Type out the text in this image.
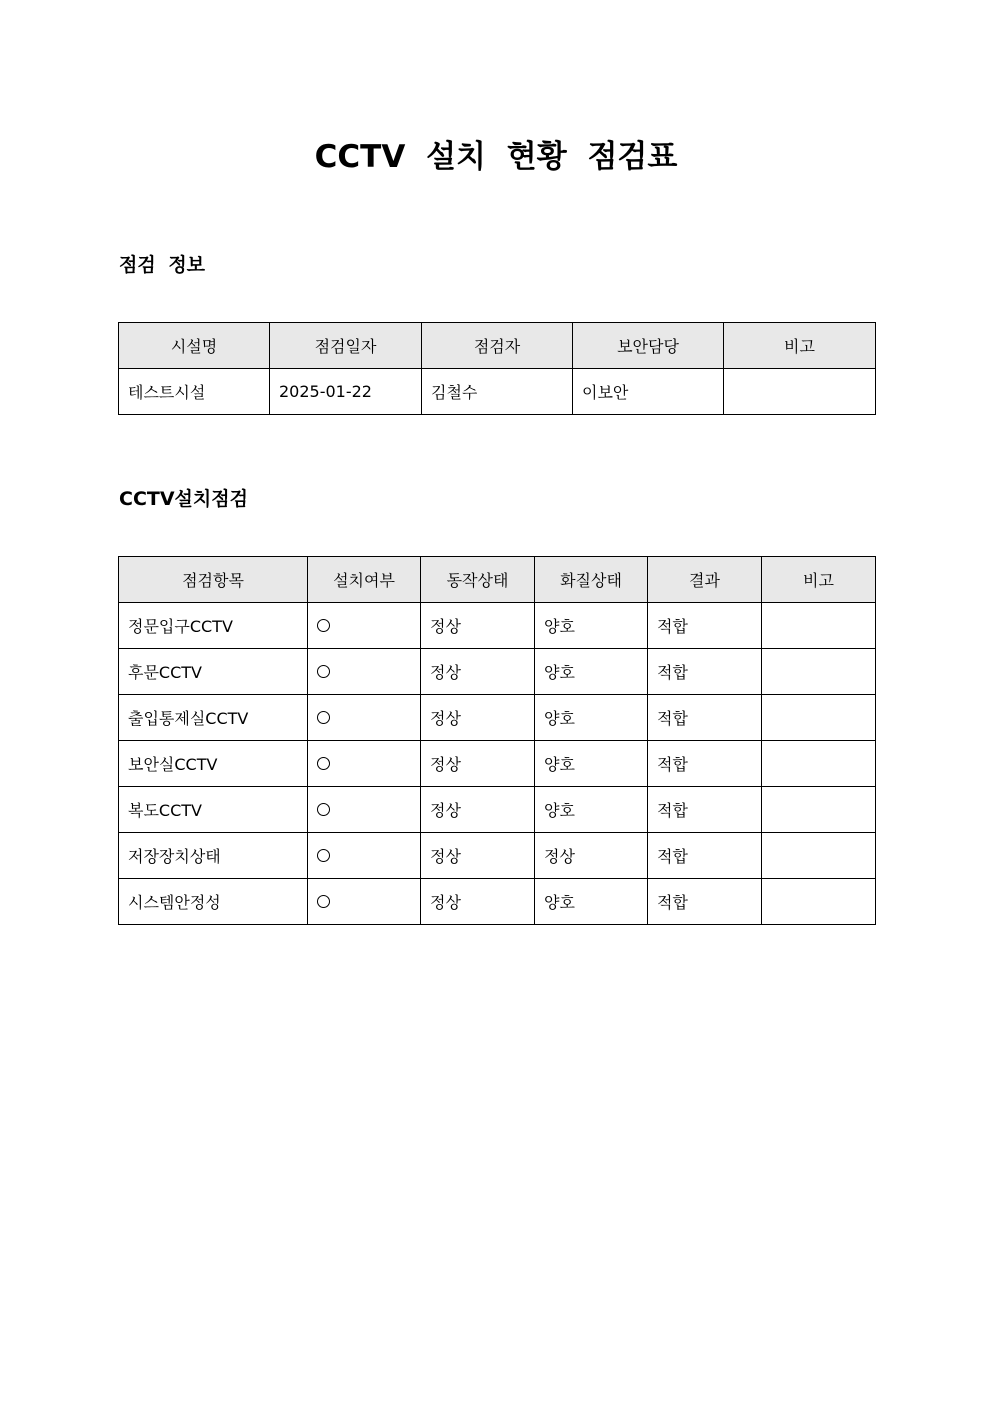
CCTV 설치 현황 점검표
점검 정보
시설명	점검일자	점검자	보안담당	비고
테스트시설	2025-01-22	김철수	이보안	
CCTV설치점검
점검항목	설치여부	동작상태	화질상태	결과	비고
정문입구CCTV		정상	양호	적합	
후문CCTV		정상	양호	적합	
출입통제실CCTV		정상	양호	적합	
보안실CCTV		정상	양호	적합	
복도CCTV		정상	양호	적합	
저장장치상태		정상	정상	적합	
시스템안정성		정상	양호	적합	
